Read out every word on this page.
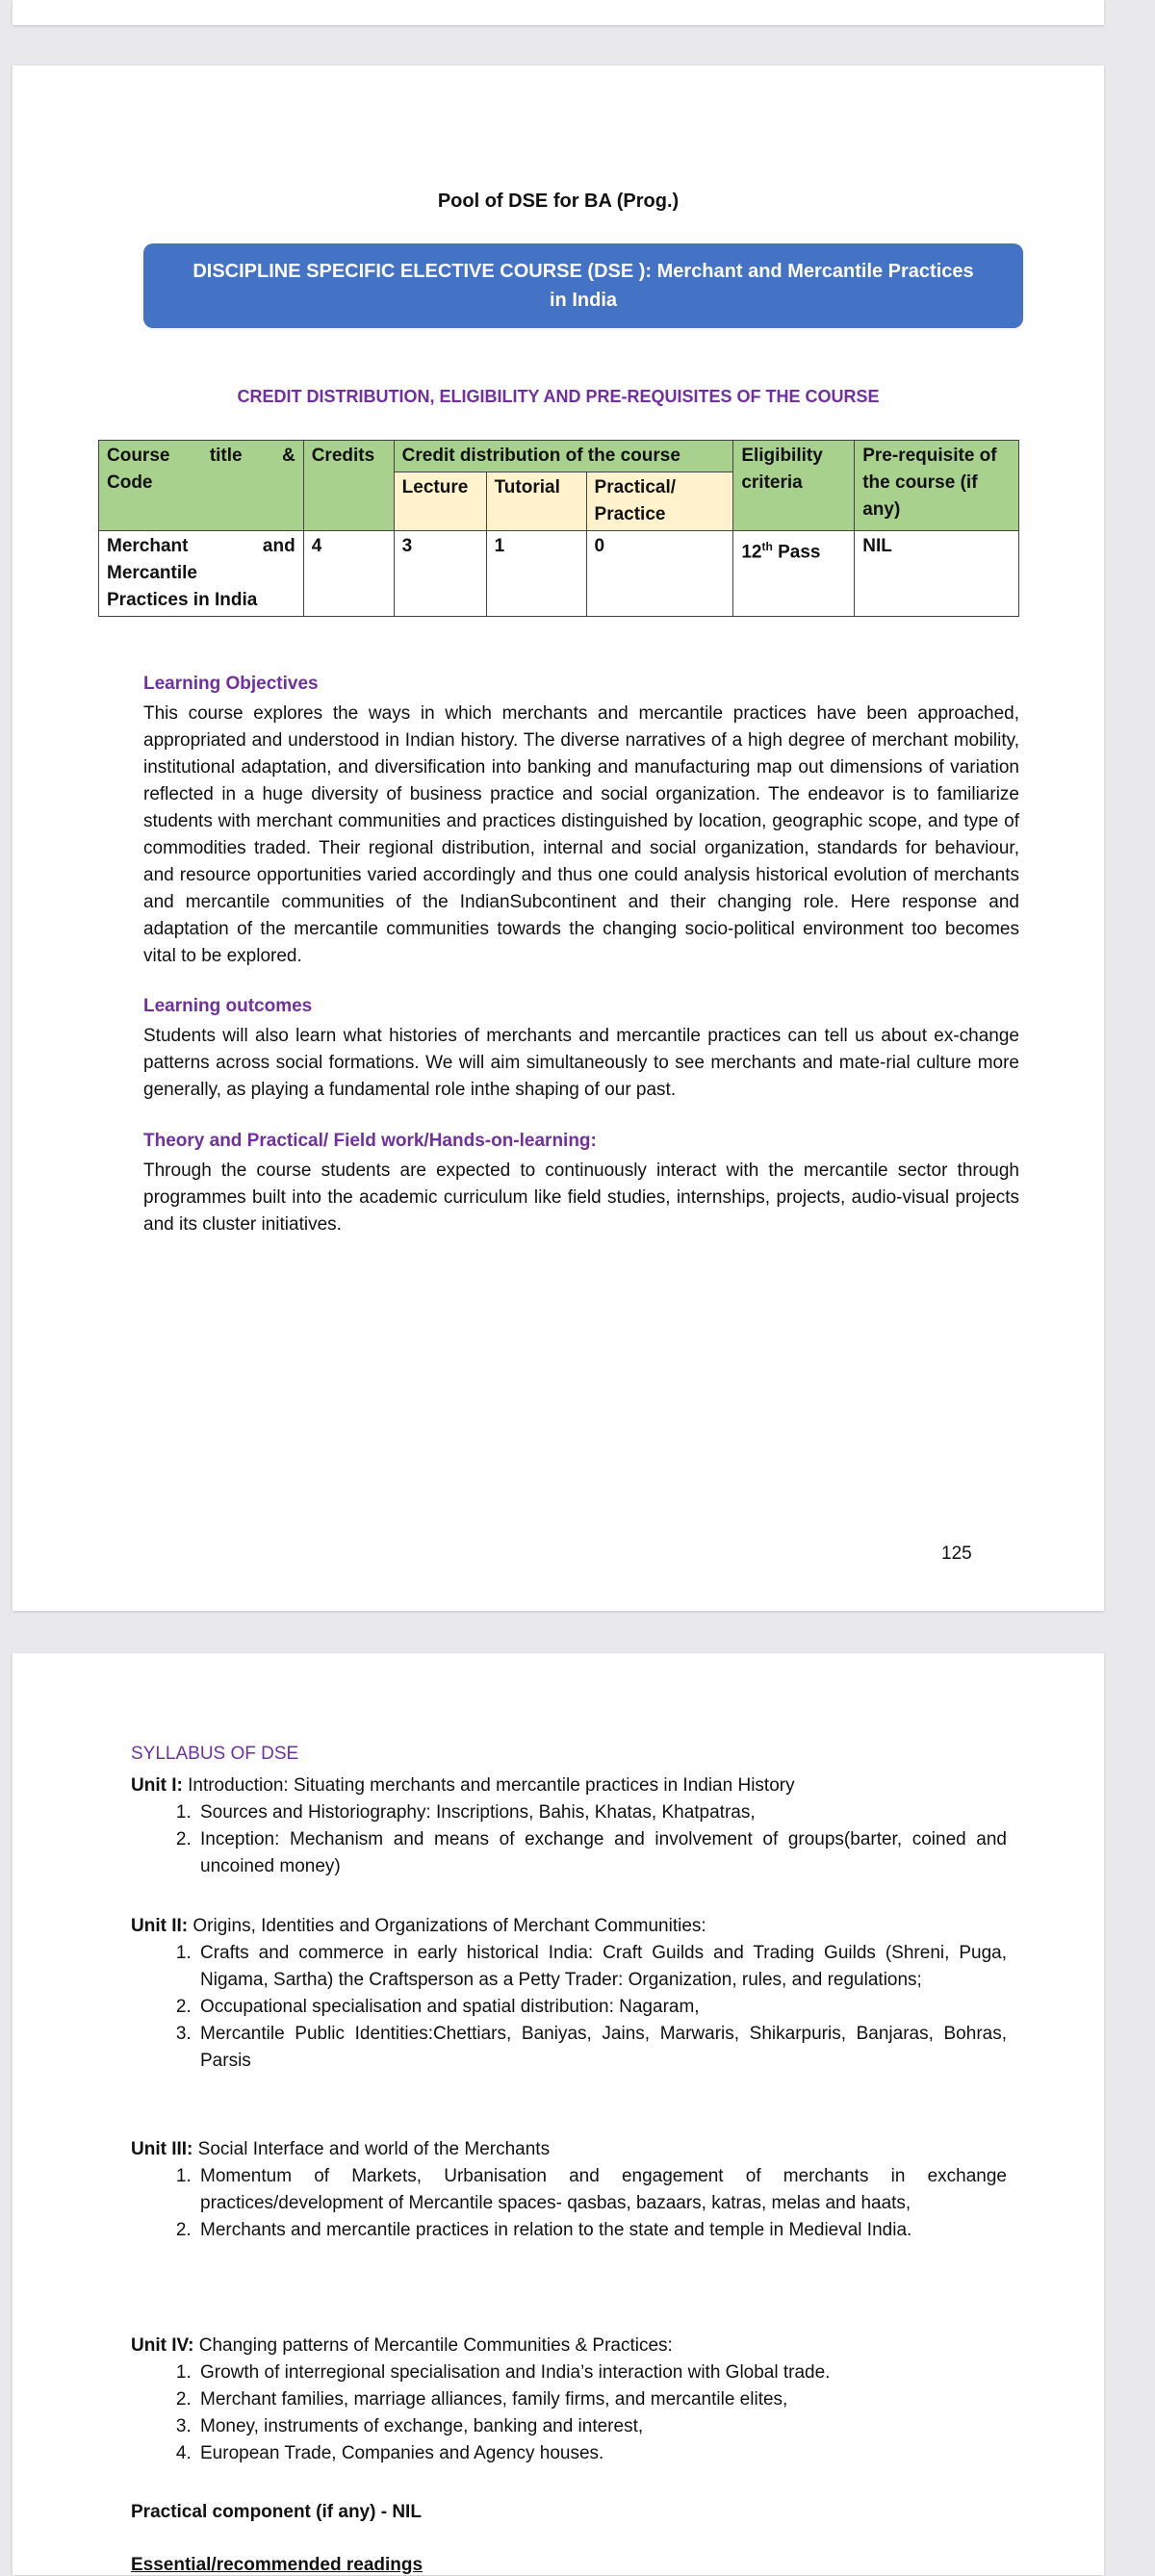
Pool of DSE for BA (Prog.)
DISCIPLINE SPECIFIC ELECTIVE COURSE (DSE ): Merchant and Mercantile Practices in India
CREDIT DISTRIBUTION, ELIGIBILITY AND PRE-REQUISITES OF THE COURSE
Course title &
Code	Credits	Credit distribution of the course			Eligibility criteria	Pre-requisite of the course (if any)
		Lecture	Tutorial	Practical/ Practice		

Merchant and
Mercantile
Practices in India	4	3	1	0	12th Pass	NIL
Learning Objectives

This course explores the ways in which merchants and mercantile practices have been approached, appropriated and understood in Indian history. The diverse narratives of a high degree of merchant mobility, institutional adaptation, and diversification into banking and manufacturing map out dimensions of variation reflected in a huge diversity of business practice and social organization. The endeavor is to familiarize students with merchant communities and practices distinguished by location, geographic scope, and type of commodities traded. Their regional distribution, internal and social organization, standards for behaviour, and resource opportunities varied accordingly and thus one could analysis historical evolution of merchants and mercantile communities of the IndianSubcontinent and their changing role. Here response and adaptation of the mercantile communities towards the changing socio-political environment too becomes vital to be explored.

Learning outcomes

Students will also learn what histories of merchants and mercantile practices can tell us about ex-change patterns across social formations. We will aim simultaneously to see merchants and mate-rial culture more generally, as playing a fundamental role inthe shaping of our past.

Theory and Practical/ Field work/Hands-on-learning:

Through the course students are expected to continuously interact with the mercantile sector through programmes built into the academic curriculum like field studies, internships, projects, audio-visual projects and its cluster initiatives.

125
SYLLABUS OF DSE
Unit I: Introduction: Situating merchants and mercantile practices in Indian History
1. Sources and Historiography: Inscriptions, Bahis, Khatas, Khatpatras,
2. Inception: Mechanism and means of exchange and involvement of groups(barter, coined and uncoined money)
Unit II: Origins, Identities and Organizations of Merchant Communities:
1. Crafts and commerce in early historical India: Craft Guilds and Trading Guilds (Shreni, Puga, Nigama, Sartha) the Craftsperson as a Petty Trader: Organization, rules, and regulations;
2. Occupational specialisation and spatial distribution: Nagaram,
3. Mercantile Public Identities:Chettiars, Baniyas, Jains, Marwaris, Shikarpuris, Banjaras, Bohras, Parsis
Unit III: Social Interface and world of the Merchants
1. Momentum of Markets, Urbanisation and engagement of merchants in exchange practices/development of Mercantile spaces- qasbas, bazaars, katras, melas and haats,
2. Merchants and mercantile practices in relation to the state and temple in Medieval India.
Unit IV: Changing patterns of Mercantile Communities & Practices:
1. Growth of interregional specialisation and India’s interaction with Global trade.
2. Merchant families, marriage alliances, family firms, and mercantile elites,
3. Money, instruments of exchange, banking and interest,
4. European Trade, Companies and Agency houses.
Practical component (if any) - NIL
Essential/recommended readings
